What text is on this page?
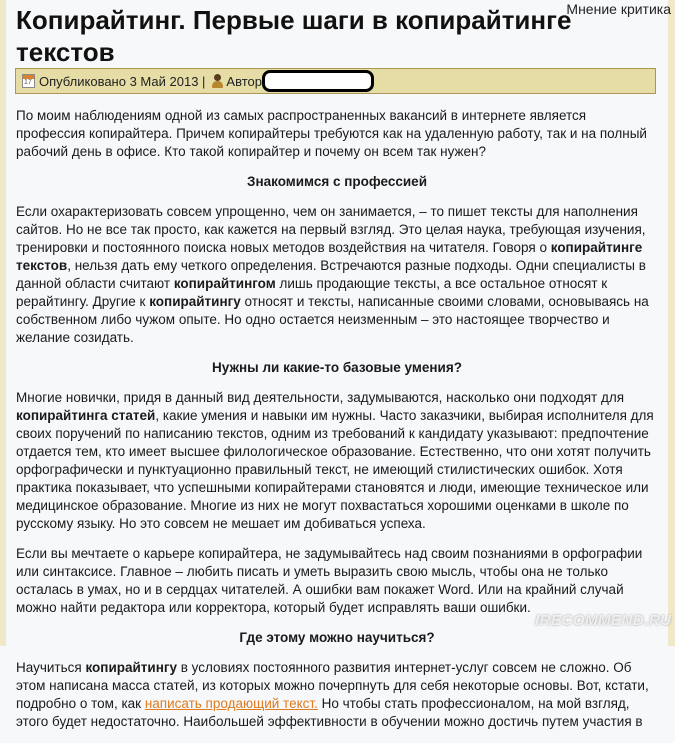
Мнение критика
Копирайтинг. Первые шаги в копирайтинге текстов
17 Опубликовано 3 Май 2013 | Автор

По моим наблюдениям одной из самых распространенных вакансий в интернете является профессия копирайтера. Причем копирайтеры требуются как на удаленную работу, так и на полный рабочий день в офисе. Кто такой копирайтер и почему он всем так нужен?

Знакомимся с профессией

Если охарактеризовать совсем упрощенно, чем он занимается, – то пишет тексты для наполнения сайтов. Но не все так просто, как кажется на первый взгляд. Это целая наука, требующая изучения, тренировки и постоянного поиска новых методов воздействия на читателя. Говоря о копирайтинге текстов, нельзя дать ему четкого определения. Встречаются разные подходы. Одни специалисты в данной области считают копирайтингом лишь продающие тексты, а все остальное относят к рерайтингу. Другие к копирайтингу относят и тексты, написанные своими словами, основываясь на собственном либо чужом опыте. Но одно остается неизменным – это настоящее творчество и желание созидать.

Нужны ли какие-то базовые умения?

Многие новички, придя в данный вид деятельности, задумываются, насколько они подходят для копирайтинга статей, какие умения и навыки им нужны. Часто заказчики, выбирая исполнителя для своих поручений по написанию текстов, одним из требований к кандидату указывают: предпочтение отдается тем, кто имеет высшее филологическое образование. Естественно, что они хотят получить орфографически и пунктуационно правильный текст, не имеющий стилистических ошибок. Хотя практика показывает, что успешными копирайтерами становятся и люди, имеющие техническое или медицинское образование. Многие из них не могут похвастаться хорошими оценками в школе по русскому языку. Но это совсем не мешает им добиваться успеха.

Если вы мечтаете о карьере копирайтера, не задумывайтесь над своим познаниями в орфографии или синтаксисе. Главное – любить писать и уметь выразить свою мысль, чтобы она не только осталась в умах, но и в сердцах читателей. А ошибки вам покажет Word. Или на крайний случай можно найти редактора или корректора, который будет исправлять ваши ошибки.

Где этому можно научиться?

Научиться копирайтингу в условиях постоянного развития интернет-услуг совсем не сложно. Об этом написана масса статей, из которых можно почерпнуть для себя некоторые основы. Вот, кстати, подробно о том, как написать продающий текст. Но чтобы стать профессионалом, на мой взгляд, этого будет недостаточно. Наибольшей эффективности в обучении можно достичь путем участия в

IRECOMMEND.RU
